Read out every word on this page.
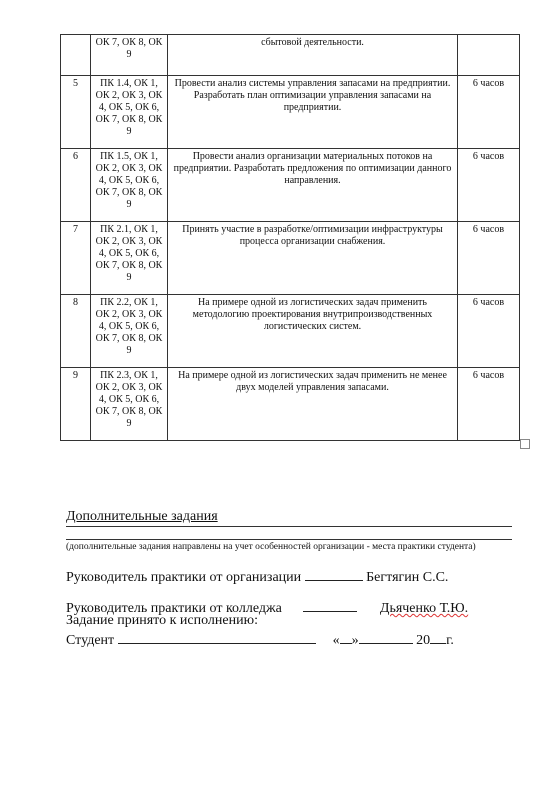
	ОК 7, ОК 8, ОК 9	сбытовой деятельности.	
5	ПК 1.4, ОК 1, ОК 2, ОК 3, ОК 4, ОК 5, ОК 6, ОК 7, ОК 8, ОК 9	Провести анализ системы управления запасами на предприятии. Разработать план оптимизации управления запасами на предприятии.	6 часов
6	ПК 1.5, ОК 1, ОК 2, ОК 3, ОК 4, ОК 5, ОК 6, ОК 7, ОК 8, ОК 9	Провести анализ организации материальных потоков на предприятии. Разработать предложения по оптимизации данного направления.	6 часов
7	ПК 2.1, ОК 1, ОК 2, ОК 3, ОК 4, ОК 5, ОК 6, ОК 7, ОК 8, ОК 9	Принять участие в разработке/оптимизации инфраструктуры процесса организации снабжения.	6 часов
8	ПК 2.2, ОК 1, ОК 2, ОК 3, ОК 4, ОК 5, ОК 6, ОК 7, ОК 8, ОК 9	На примере одной из логистических задач применить методологию проектирования внутрипроизводственных логистических систем.	6 часов
9	ПК 2.3, ОК 1, ОК 2, ОК 3, ОК 4, ОК 5, ОК 6, ОК 7, ОК 8, ОК 9	На примере одной из логистических задач применить не менее двух моделей управления запасами.	6 часов
Дополнительные задания
(дополнительные задания направлены на учет особенностей организации - места практики студента)
Руководитель практики от организации	Бегтягин С.С.
Руководитель практики от колледжа	Дьяченко Т.Ю.
Задание принято к исполнению:
Студент	« »	20 г.
